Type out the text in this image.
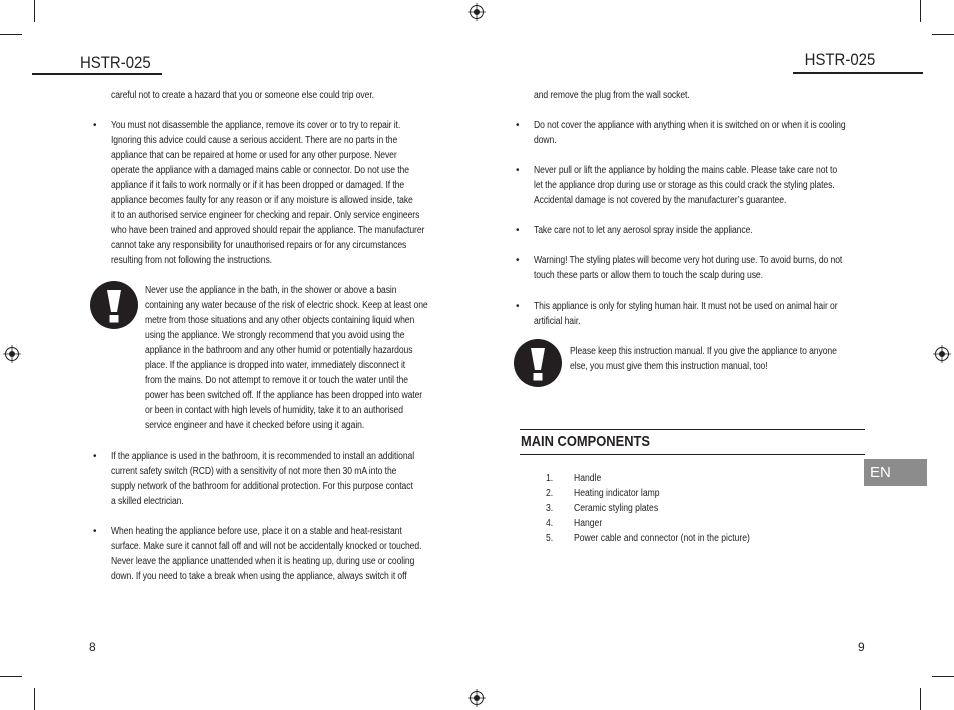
HSTR-025	HSTR-025
careful not to create a hazard that you or someone else could trip over.
• You must not disassemble the appliance, remove its cover or to try to repair it.
Ignoring this advice could cause a serious accident. There are no parts in the
appliance that can be repaired at home or used for any other purpose. Never
operate the appliance with a damaged mains cable or connector. Do not use the
appliance if it fails to work normally or if it has been dropped or damaged. If the
appliance becomes faulty for any reason or if any moisture is allowed inside, take
it to an authorised service engineer for checking and repair. Only service engineers
who have been trained and approved should repair the appliance. The manufacturer
cannot take any responsibility for unauthorised repairs or for any circumstances
resulting from not following the instructions.
Never use the appliance in the bath, in the shower or above a basin
containing any water because of the risk of electric shock. Keep at least one
metre from those situations and any other objects containing liquid when
using the appliance. We strongly recommend that you avoid using the
appliance in the bathroom and any other humid or potentially hazardous
place. If the appliance is dropped into water, immediately disconnect it
from the mains. Do not attempt to remove it or touch the water until the
power has been switched off. If the appliance has been dropped into water
or been in contact with high levels of humidity, take it to an authorised
service engineer and have it checked before using it again.
• If the appliance is used in the bathroom, it is recommended to install an additional
current safety switch (RCD) with a sensitivity of not more then 30 mA into the
supply network of the bathroom for additional protection. For this purpose contact
a skilled electrician.
• When heating the appliance before use, place it on a stable and heat-resistant
surface. Make sure it cannot fall off and will not be accidentally knocked or touched.
Never leave the appliance unattended when it is heating up, during use or cooling
down. If you need to take a break when using the appliance, always switch it off
8
and remove the plug from the wall socket.
• Do not cover the appliance with anything when it is switched on or when it is cooling
down.
• Never pull or lift the appliance by holding the mains cable. Please take care not to
let the appliance drop during use or storage as this could crack the styling plates.
Accidental damage is not covered by the manufacturer’s guarantee.
• Take care not to let any aerosol spray inside the appliance.
• Warning! The styling plates will become very hot during use. To avoid burns, do not
touch these parts or allow them to touch the scalp during use.
• This appliance is only for styling human hair. It must not be used on animal hair or
artificial hair.
Please keep this instruction manual. If you give the appliance to anyone
else, you must give them this instruction manual, too!
MAIN COMPONENTS
EN
1. Handle
2. Heating indicator lamp
3. Ceramic styling plates
4. Hanger
5. Power cable and connector (not in the picture)
9
